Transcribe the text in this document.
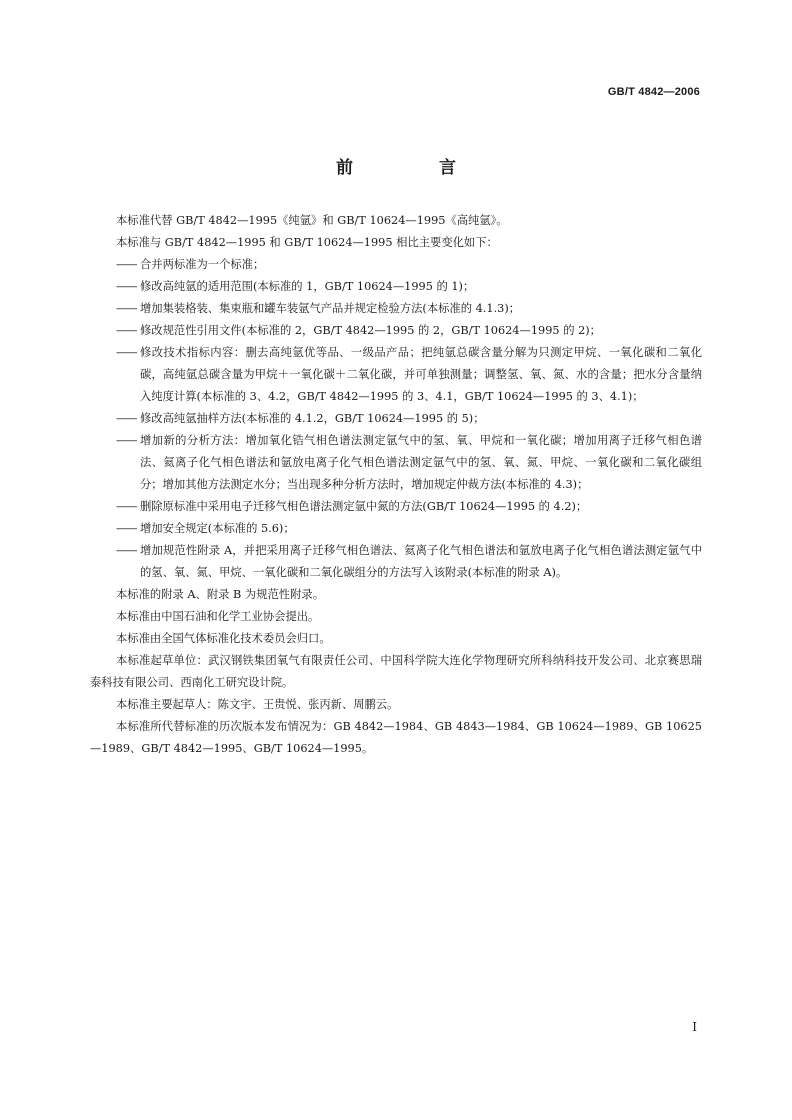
GB/T 4842—2006
前 言

本标准代替 GB/T 4842—1995《纯氩》和 GB/T 10624—1995《高纯氩》。

本标准与 GB/T 4842—1995 和 GB/T 10624—1995 相比主要变化如下：

—— 合并两标准为一个标准；
—— 修改高纯氩的适用范围(本标准的 1，GB/T 10624—1995 的 1)；
—— 增加集装格装、集束瓶和罐车装氩气产品并规定检验方法(本标准的 4.1.3)；
—— 修改规范性引用文件(本标准的 2，GB/T 4842—1995 的 2，GB/T 10624—1995 的 2)；
—— 修改技术指标内容：删去高纯氩优等品、一级品产品；把纯氩总碳含量分解为只测定甲烷、一氧化碳和二氧化碳，高纯氩总碳含量为甲烷＋一氧化碳＋二氧化碳，并可单独测量；调整氢、氧、氮、水的含量；把水分含量纳入纯度计算(本标准的 3、4.2，GB/T 4842—1995 的 3、4.1，GB/T 10624—1995 的 3、4.1)；
—— 修改高纯氩抽样方法(本标准的 4.1.2，GB/T 10624—1995 的 5)；
—— 增加新的分析方法：增加氧化锆气相色谱法测定氩气中的氢、氧、甲烷和一氧化碳；增加用离子迁移气相色谱法、氦离子化气相色谱法和氩放电离子化气相色谱法测定氩气中的氢、氧、氮、甲烷、一氧化碳和二氧化碳组分；增加其他方法测定水分；当出现多种分析方法时，增加规定仲裁方法(本标准的 4.3)；
—— 删除原标准中采用电子迁移气相色谱法测定氩中氮的方法(GB/T 10624—1995 的 4.2)；
—— 增加安全规定(本标准的 5.6)；
—— 增加规范性附录 A，并把采用离子迁移气相色谱法、氦离子化气相色谱法和氩放电离子化气相色谱法测定氩气中的氢、氧、氮、甲烷、一氧化碳和二氧化碳组分的方法写入该附录(本标准的附录 A)。

本标准的附录 A、附录 B 为规范性附录。

本标准由中国石油和化学工业协会提出。

本标准由全国气体标准化技术委员会归口。

本标准起草单位：武汉钢铁集团氧气有限责任公司、中国科学院大连化学物理研究所科纳科技开发公司、北京赛思瑞泰科技有限公司、西南化工研究设计院。

本标准主要起草人：陈文宇、王贵悦、张丙新、周鹏云。

本标准所代替标准的历次版本发布情况为：GB 4842—1984、GB 4843—1984、GB 10624—1989、GB 10625—1989、GB/T 4842—1995、GB/T 10624—1995。

I
